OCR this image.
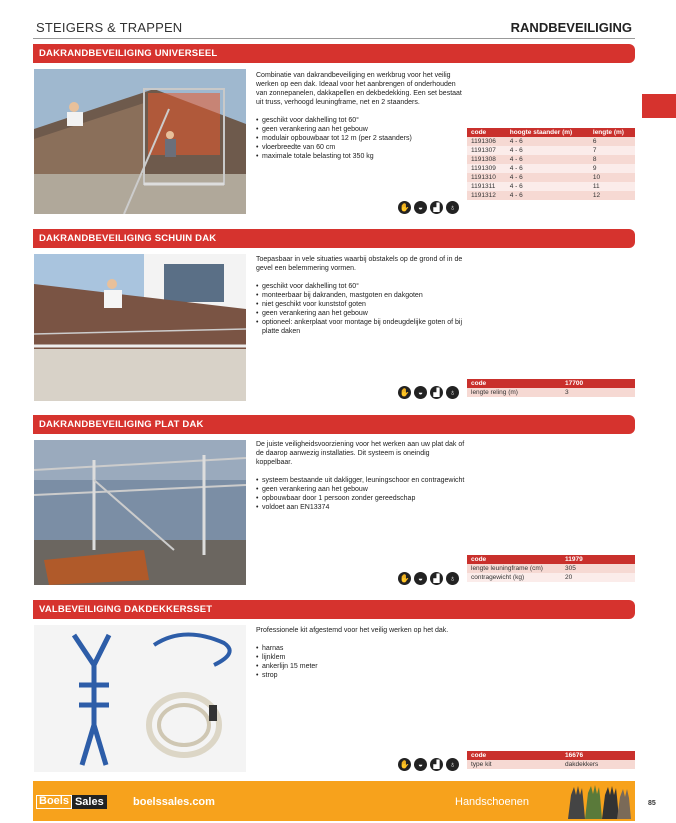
STEIGERS & TRAPPEN	RANDBEVEILIGING
DAKRANDBEVEILIGING UNIVERSEEL

Combinatie van dakrandbeveiliging en werkbrug voor het veilig werken op een dak. Ideaal voor het aanbrengen of onderhouden van zonnepanelen, dakkapellen en dekbedekking. Een set bestaat uit truss, verhoogd leuningframe, net en 2 staanders.

• geschikt voor dakhelling tot 60°
• geen verankering aan het gebouw
• modulair opbouwbaar tot 12 m (per 2 staanders)
• vloerbreedte van 60 cm
• maximale totale belasting tot 350 kg
code	hoogte staander (m)	lengte (m)
1191306	4 - 6	6
1191307	4 - 6	7
1191308	4 - 6	8
1191309	4 - 6	9
1191310	4 - 6	10
1191311	4 - 6	11
1191312	4 - 6	12
✋	◒	▟	♁
DAKRANDBEVEILIGING SCHUIN DAK

Toepasbaar in vele situaties waarbij obstakels op de grond of in de gevel een belemmering vormen.

• geschikt voor dakhelling tot 60°
• monteerbaar bij dakranden, mastgoten en dakgoten
• niet geschikt voor kunststof goten
• geen verankering aan het gebouw
• optioneel: ankerplaat voor montage bij ondeugdelijke goten of bij platte daken
code	17700
lengte reling (m)	3
✋	◒	▟	♁
DAKRANDBEVEILIGING PLAT DAK

De juiste veiligheidsvoorziening voor het werken aan uw plat dak of de daarop aanwezig installaties. Dit systeem is oneindig koppelbaar.

• systeem bestaande uit dakligger, leuningschoor en contragewicht
• geen verankering aan het gebouw
• opbouwbaar door 1 persoon zonder gereedschap
• voldoet aan EN13374
code	11979
lengte leuningframe (cm)	305
contragewicht (kg)	20
✋	◒	▟	♁
VALBEVEILIGING DAKDEKKERSSET

Professionele kit afgestemd voor het veilig werken op het dak.

• harnas
• lijnklem
• ankerlijn 15 meter
• strop
code	16676
type kit	dakdekkers
✋	◒	▟	♁
Boels Sales	boelssales.com	Handschoenen	85
